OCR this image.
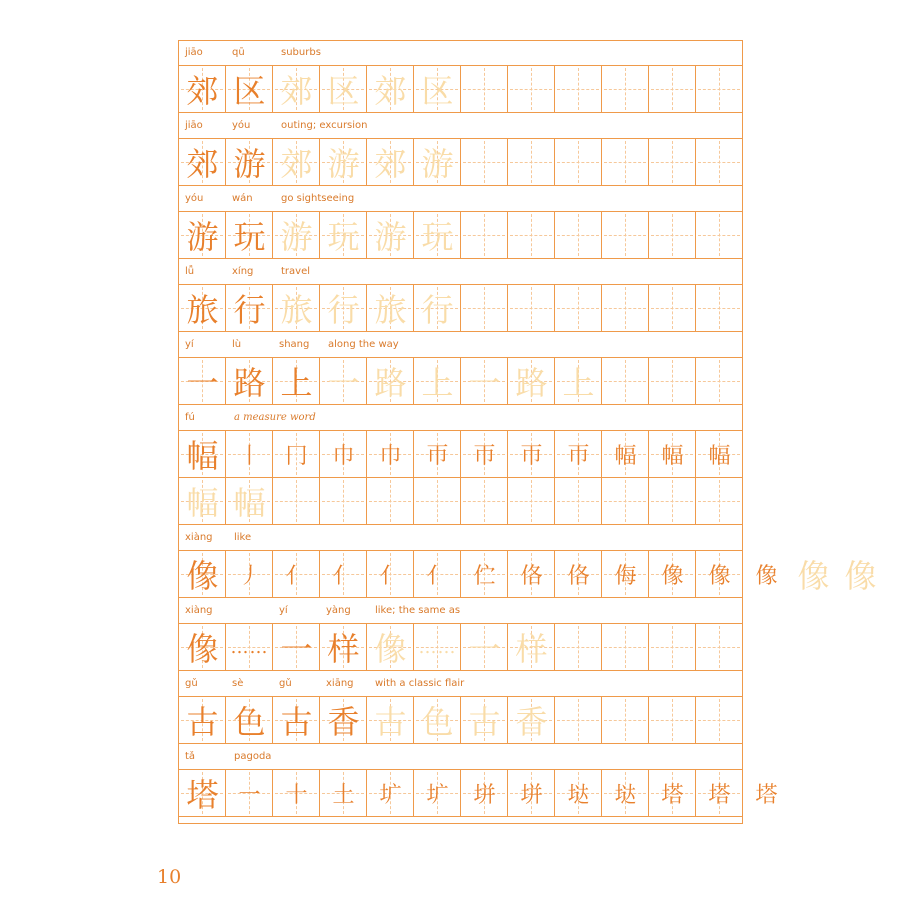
jiāo	qū	suburbs
郊 区 郊 区 郊 区
jiāo	yóu	outing; excursion
郊 游 郊 游 郊 游
yóu	wán	go sightseeing
游 玩 游 玩 游 玩
lǚ	xíng	travel
旅 行 旅 行 旅 行
yí	lù	shang along the way
一 路 上 一 路 上 一 路 上
fú	a measure word
幅 丨	冂	巾	巾	帀	帀	帀	帀	幅	幅	幅
幅 幅
xiàng like
像 丿	亻	亻	亻	亻	伫	佫	佫	侮	像	像	像 像 像
xiàng	yí	yàng like; the same as
像 …… 一 样 像 …… 一 样
gǔ	sè	gǔ	xiāng with a classic flair
古 色 古 香 古 色 古 香
tǎ	pagoda
塔 一	十	土	圹	圹	垪	垪	垯	垯	塔	塔	塔
10
